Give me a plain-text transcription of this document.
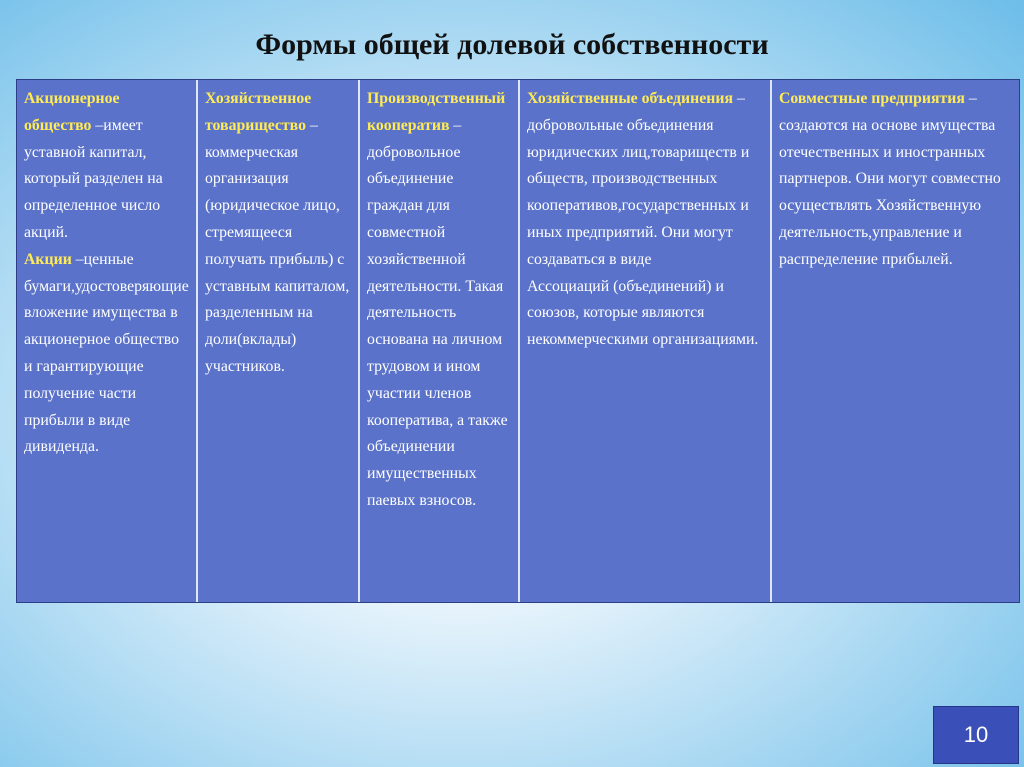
Формы общей долевой собственности

Акционерное общество –имеет уставной капитал, который разделен на определенное число акций.

Акции –ценные бумаги,удостоверяющие вложение имущества в акционерное общество и гарантирующие получение части прибыли в виде дивиденда.

Хозяйственное товарищество – коммерческая организация (юридическое лицо, стремящееся получать прибыль) с уставным капиталом, разделенным на доли(вклады) участников.

Производственный кооператив – добровольное объединение граждан для совместной хозяйственной деятельности. Такая деятельность основана на личном трудовом и ином участии членов кооператива, а также объединении имущественных паевых взносов.

Хозяйственные объединения – добровольные объединения юридических лиц,товариществ и обществ, производственных кооперативов,государственных и иных предприятий. Они могут создаваться в виде

Ассоциаций (объединений) и союзов, которые являются некоммерческими организациями.

Совместные предприятия – создаются на основе имущества отечественных и иностранных партнеров. Они могут совместно осуществлять Хозяйственную деятельность,управление и распределение прибылей.

10
